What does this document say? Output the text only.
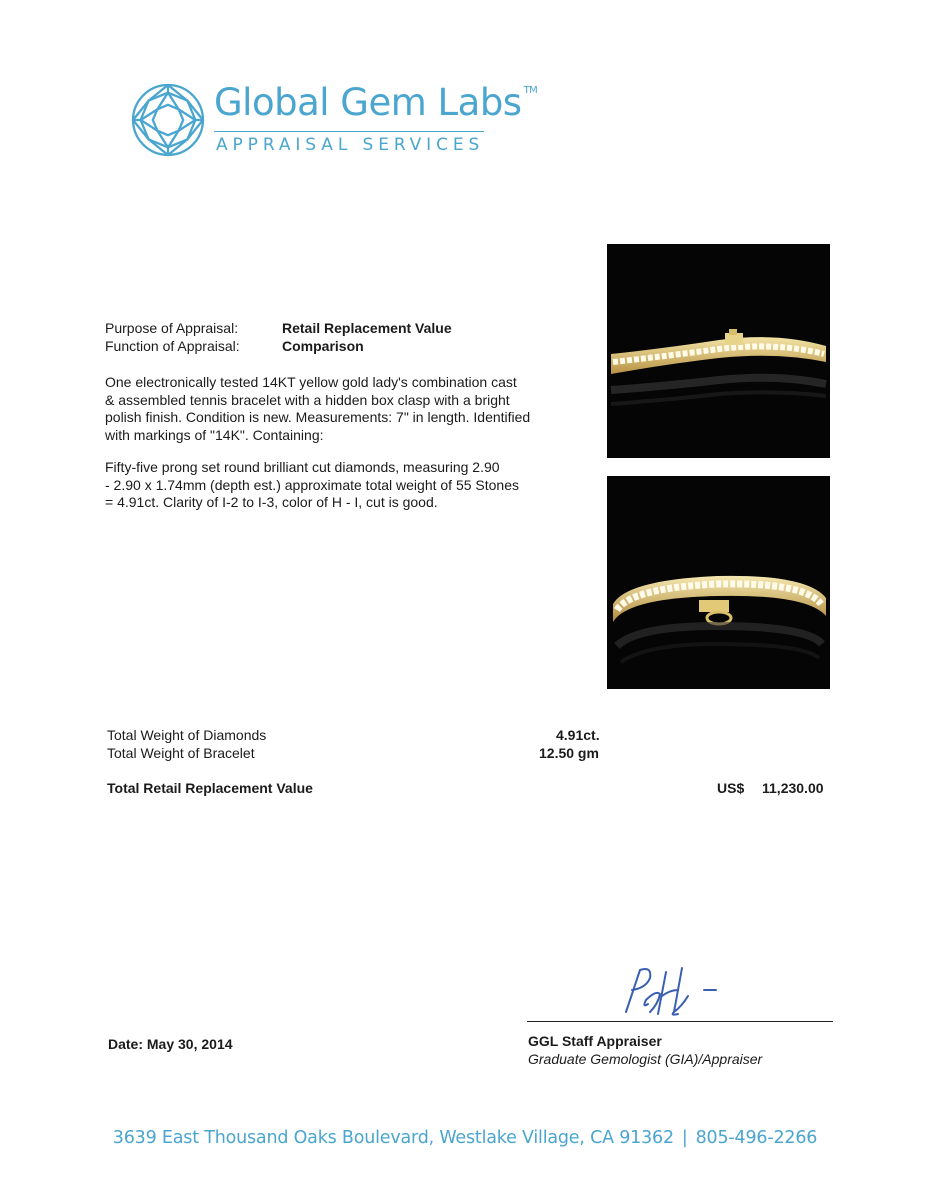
Global Gem Labs ™
APPRAISAL SERVICES
Purpose of Appraisal:	Retail Replacement Value
Function of Appraisal:	Comparison
One electronically tested 14KT yellow gold lady's combination cast
& assembled tennis bracelet with a hidden box clasp with a bright
polish finish. Condition is new. Measurements: 7" in length. Identified
with markings of "14K". Containing:
Fifty-five prong set round brilliant cut diamonds, measuring 2.90
- 2.90 x 1.74mm (depth est.) approximate total weight of 55 Stones
= 4.91ct. Clarity of I-2 to I-3, color of H - I, cut is good.
Total Weight of Diamonds	4.91ct.
Total Weight of Bracelet	12.50 gm
Total Retail Replacement Value	US$ 11,230.00
Date: May 30, 2014	GGL Staff Appraiser
Graduate Gemologist (GIA)/Appraiser
3639 East Thousand Oaks Boulevard, Westlake Village, CA 91362 | 805-496-2266
